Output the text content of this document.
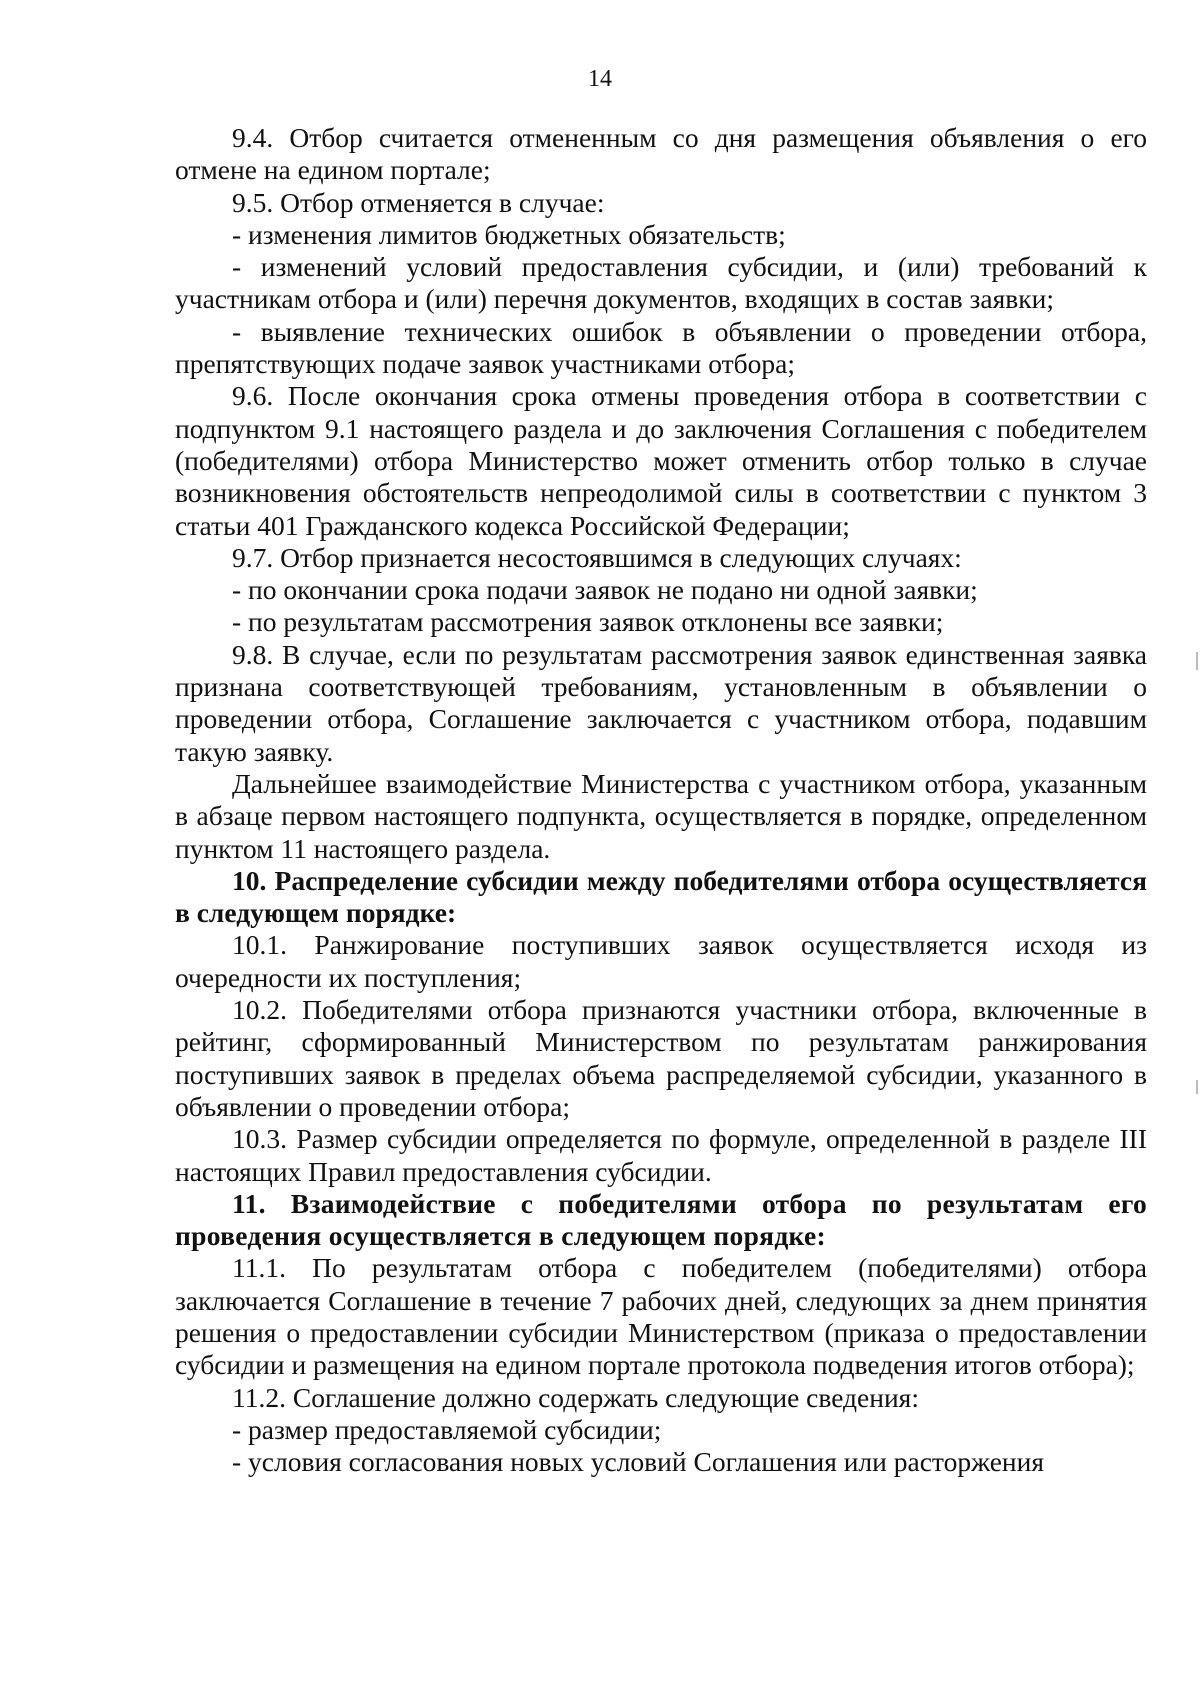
14

9.4. Отбор считается отмененным со дня размещения объявления о его отмене на едином портале;

9.5. Отбор отменяется в случае:

- изменения лимитов бюджетных обязательств;

- изменений условий предоставления субсидии, и (или) требований к участникам отбора и (или) перечня документов, входящих в состав заявки;

- выявление технических ошибок в объявлении о проведении отбора, препятствующих подаче заявок участниками отбора;

9.6. После окончания срока отмены проведения отбора в соответствии с подпунктом 9.1 настоящего раздела и до заключения Соглашения с победителем (победителями) отбора Министерство может отменить отбор только в случае возникновения обстоятельств непреодолимой силы в соответствии с пунктом 3 статьи 401 Гражданского кодекса Российской Федерации;

9.7. Отбор признается несостоявшимся в следующих случаях:

- по окончании срока подачи заявок не подано ни одной заявки;

- по результатам рассмотрения заявок отклонены все заявки;

9.8. В случае, если по результатам рассмотрения заявок единственная заявка признана соответствующей требованиям, установленным в объявлении о проведении отбора, Соглашение заключается с участником отбора, подавшим такую заявку.

Дальнейшее взаимодействие Министерства с участником отбора, указанным в абзаце первом настоящего подпункта, осуществляется в порядке, определенном пунктом 11 настоящего раздела.

10. Распределение субсидии между победителями отбора осуществляется в следующем порядке:

10.1. Ранжирование поступивших заявок осуществляется исходя из очередности их поступления;

10.2. Победителями отбора признаются участники отбора, включенные в рейтинг, сформированный Министерством по результатам ранжирования поступивших заявок в пределах объема распределяемой субсидии, указанного в объявлении о проведении отбора;

10.3. Размер субсидии определяется по формуле, определенной в разделе III настоящих Правил предоставления субсидии.

11. Взаимодействие с победителями отбора по результатам его проведения осуществляется в следующем порядке:

11.1. По результатам отбора с победителем (победителями) отбора заключается Соглашение в течение 7 рабочих дней, следующих за днем принятия решения о предоставлении субсидии Министерством (приказа о предоставлении субсидии и размещения на едином портале протокола подведения итогов отбора);

11.2. Соглашение должно содержать следующие сведения:

- размер предоставляемой субсидии;

- условия согласования новых условий Соглашения или расторжения
